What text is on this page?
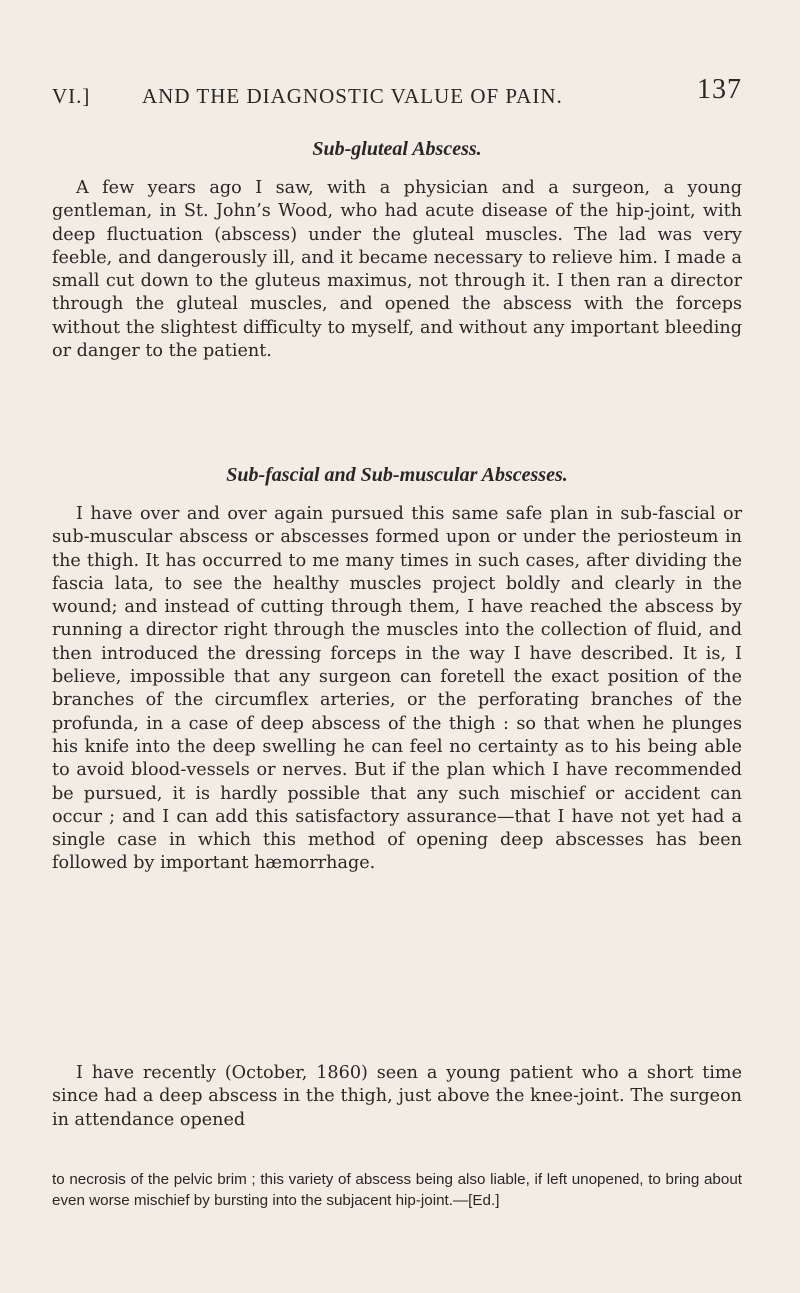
VI.] AND THE DIAGNOSTIC VALUE OF PAIN.	137
Sub-gluteal Abscess.

A few years ago I saw, with a physician and a surgeon, a young gentleman, in St. John’s Wood, who had acute disease of the hip-joint, with deep fluctuation (abscess) under the gluteal muscles. The lad was very feeble, and dangerously ill, and it became necessary to relieve him. I made a small cut down to the gluteus maximus, not through it. I then ran a director through the gluteal muscles, and opened the abscess with the forceps without the slightest difficulty to myself, and without any important bleeding or danger to the patient.

Sub-fascial and Sub-muscular Abscesses.

I have over and over again pursued this same safe plan in sub-fascial or sub-muscular abscess or abscesses formed upon or under the periosteum in the thigh. It has occurred to me many times in such cases, after dividing the fascia lata, to see the healthy muscles project boldly and clearly in the wound; and instead of cutting through them, I have reached the abscess by running a director right through the muscles into the collection of fluid, and then introduced the dressing forceps in the way I have described. It is, I believe, impossible that any surgeon can foretell the exact position of the branches of the circumflex arteries, or the perforating branches of the profunda, in a case of deep abscess of the thigh : so that when he plunges his knife into the deep swelling he can feel no certainty as to his being able to avoid blood-vessels or nerves. But if the plan which I have recommended be pursued, it is hardly possible that any such mischief or accident can occur ; and I can add this satisfactory assurance—that I have not yet had a single case in which this method of opening deep abscesses has been followed by important hæmorrhage.

I have recently (October, 1860) seen a young patient who a short time since had a deep abscess in the thigh, just above the knee-joint. The surgeon in attendance opened

to necrosis of the pelvic brim ; this variety of abscess being also liable, if left unopened, to bring about even worse mischief by bursting into the subjacent hip-joint.—[Ed.]
